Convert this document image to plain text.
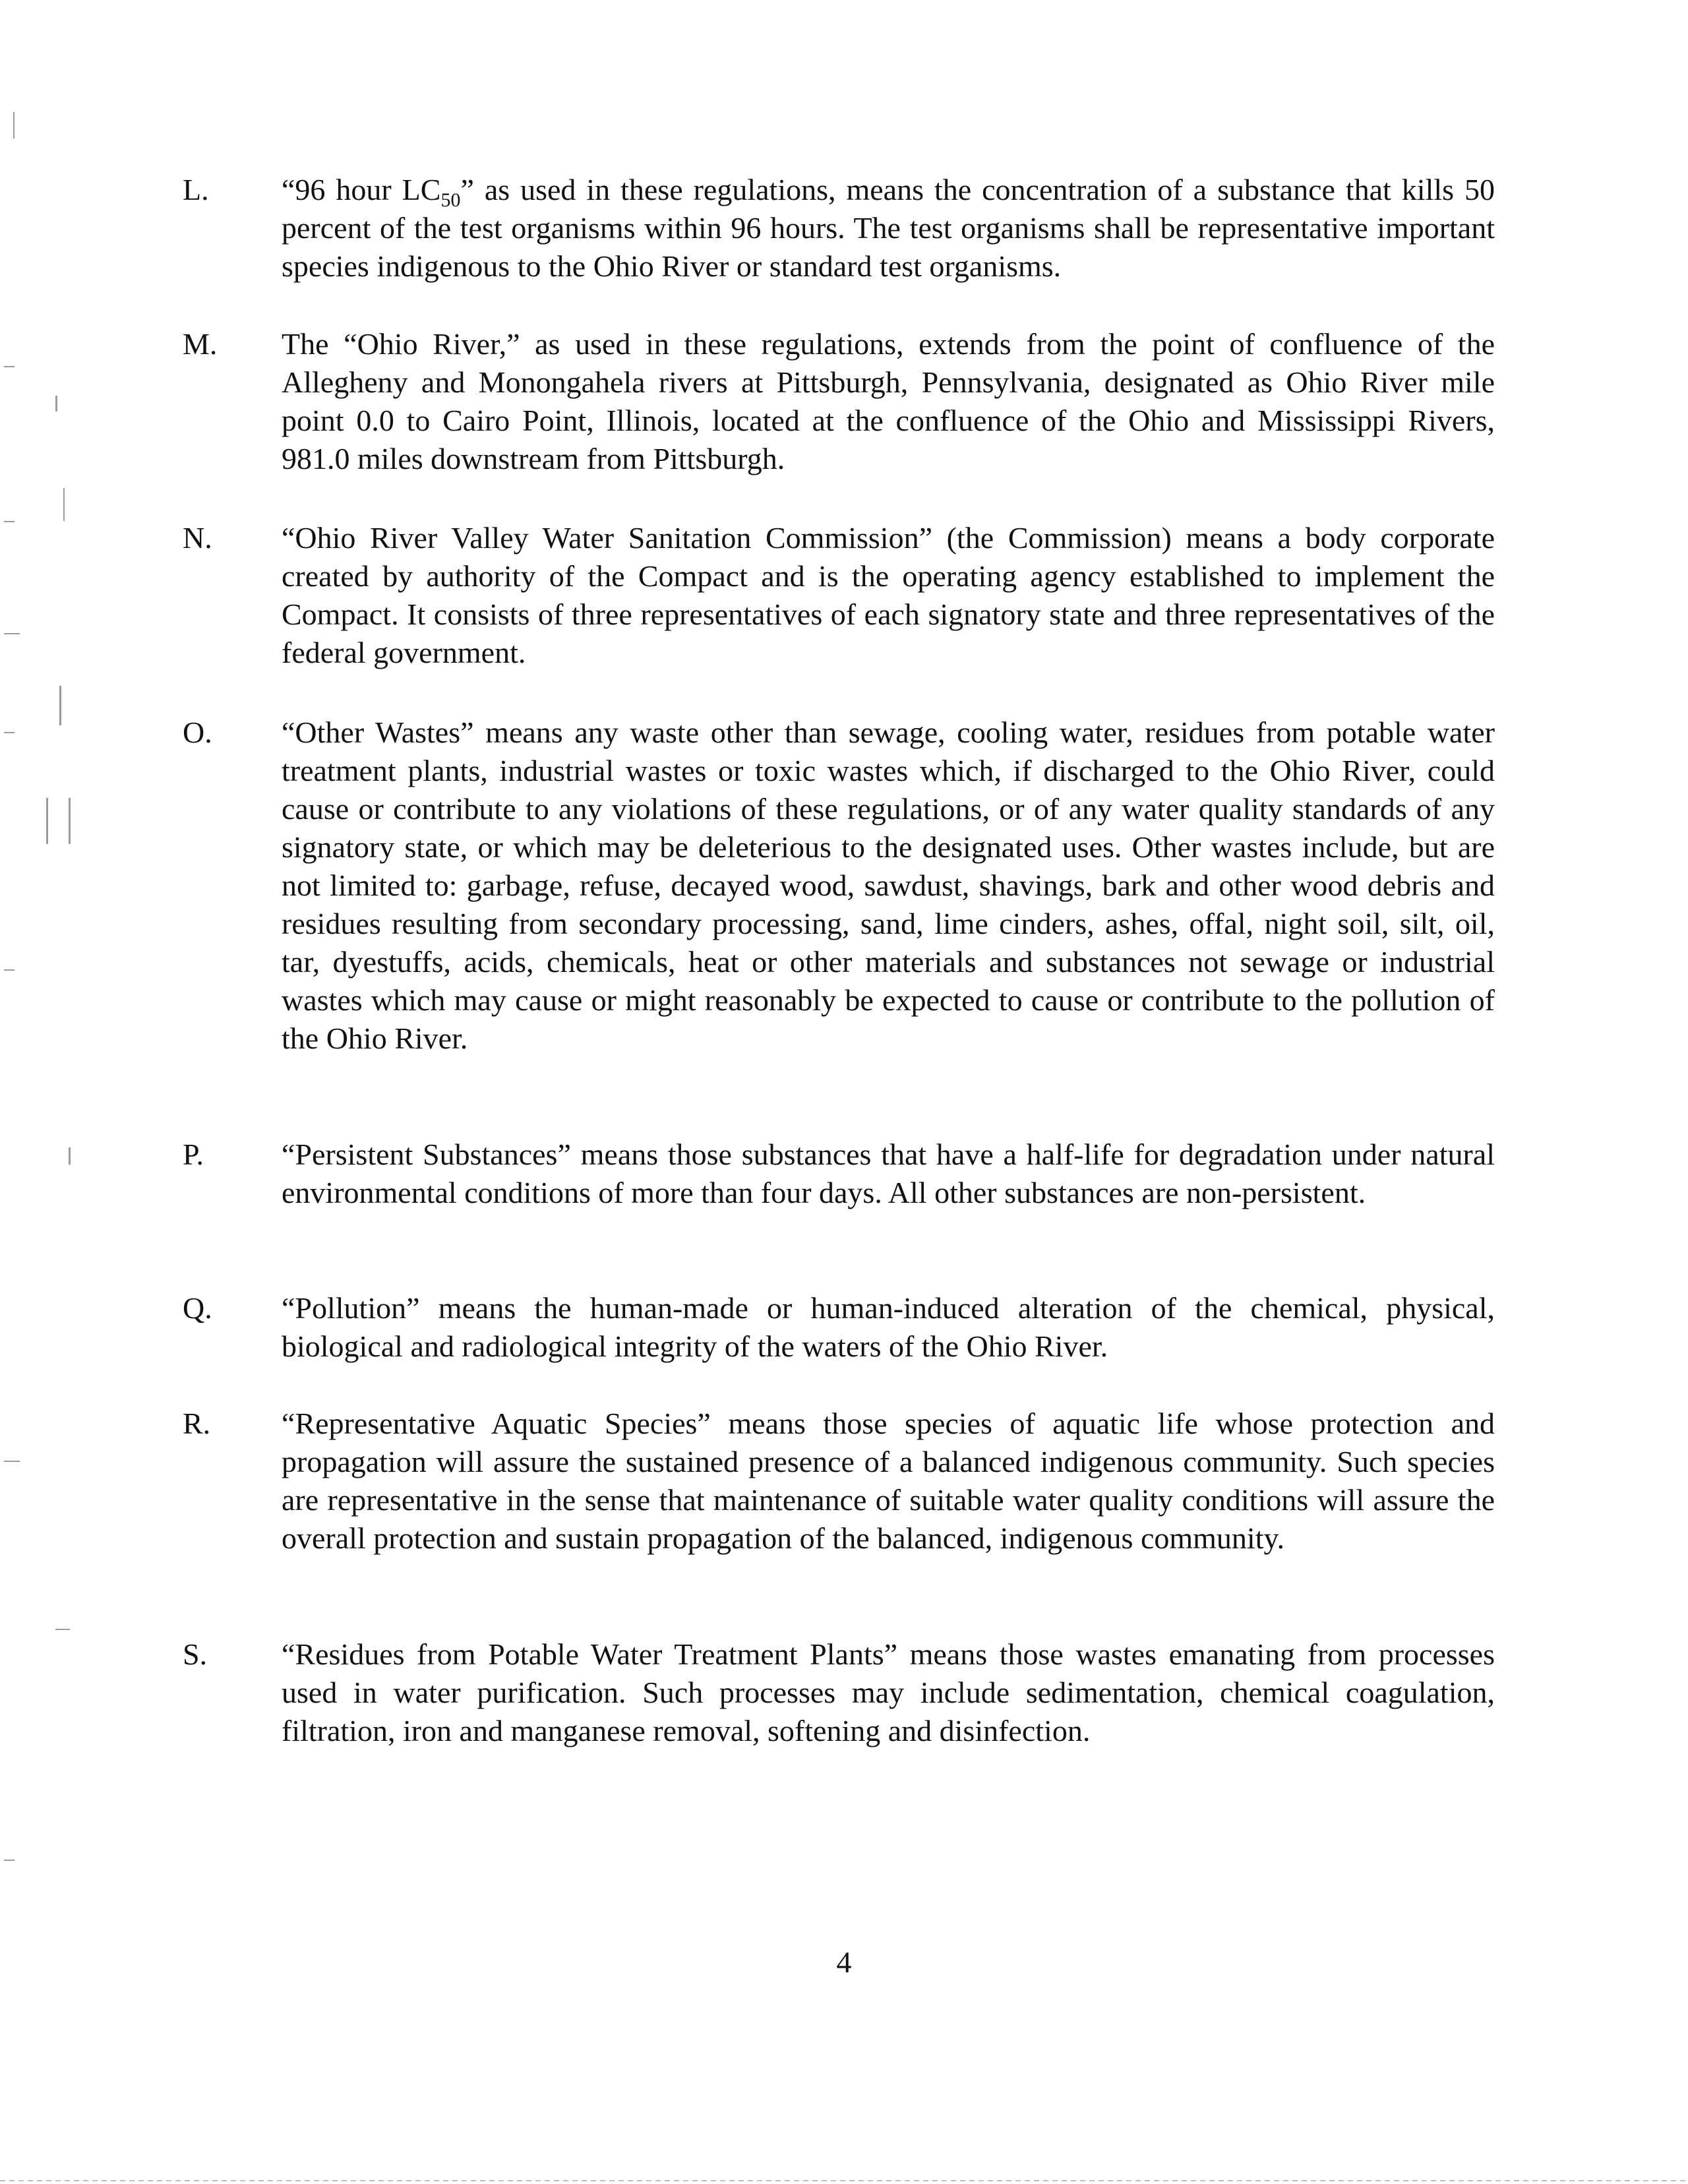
L. “96 hour $LC_{50}$” as used in these regulations, means the concentration of a substance that kills 50 percent of the test organisms within 96 hours. The test organisms shall be representative important species indigenous to the Ohio River or standard test organisms.

M. The “Ohio River,” as used in these regulations, extends from the point of confluence of the Allegheny and Monongahela rivers at Pittsburgh, Pennsylvania, designated as Ohio River mile point 0.0 to Cairo Point, Illinois, located at the confluence of the Ohio and Mississippi Rivers, 981.0 miles downstream from Pittsburgh.

N. “Ohio River Valley Water Sanitation Commission” (the Commission) means a body corporate created by authority of the Compact and is the operating agency established to implement the Compact. It consists of three representatives of each signatory state and three representatives of the federal government.

O. “Other Wastes” means any waste other than sewage, cooling water, residues from potable water treatment plants, industrial wastes or toxic wastes which, if discharged to the Ohio River, could cause or contribute to any violations of these regulations, or of any water quality standards of any signatory state, or which may be deleterious to the designated uses. Other wastes include, but are not limited to: garbage, refuse, decayed wood, sawdust, shavings, bark and other wood debris and residues resulting from secondary processing, sand, lime cinders, ashes, offal, night soil, silt, oil, tar, dyestuffs, acids, chemicals, heat or other materials and substances not sewage or industrial wastes which may cause or might reasonably be expected to cause or contribute to the pollution of the Ohio River.

P.	“Persistent Substances” means those substances that have a half-life for degradation under natural environmental conditions of more than four days. All other substances are non-persistent.

Q. “Pollution” means the human-made or human-induced alteration of the chemical, physical, biological and radiological integrity of the waters of the Ohio River.

R. “Representative Aquatic Species” means those species of aquatic life whose protection and propagation will assure the sustained presence of a balanced indigenous community. Such species are representative in the sense that maintenance of suitable water quality conditions will assure the overall protection and sustain propagation of the balanced, indigenous community.

S. “Residues from Potable Water Treatment Plants” means those wastes emanating from processes used in water purification. Such processes may include sedimentation, chemical coagulation, filtration, iron and manganese removal, softening and disinfection.

4
